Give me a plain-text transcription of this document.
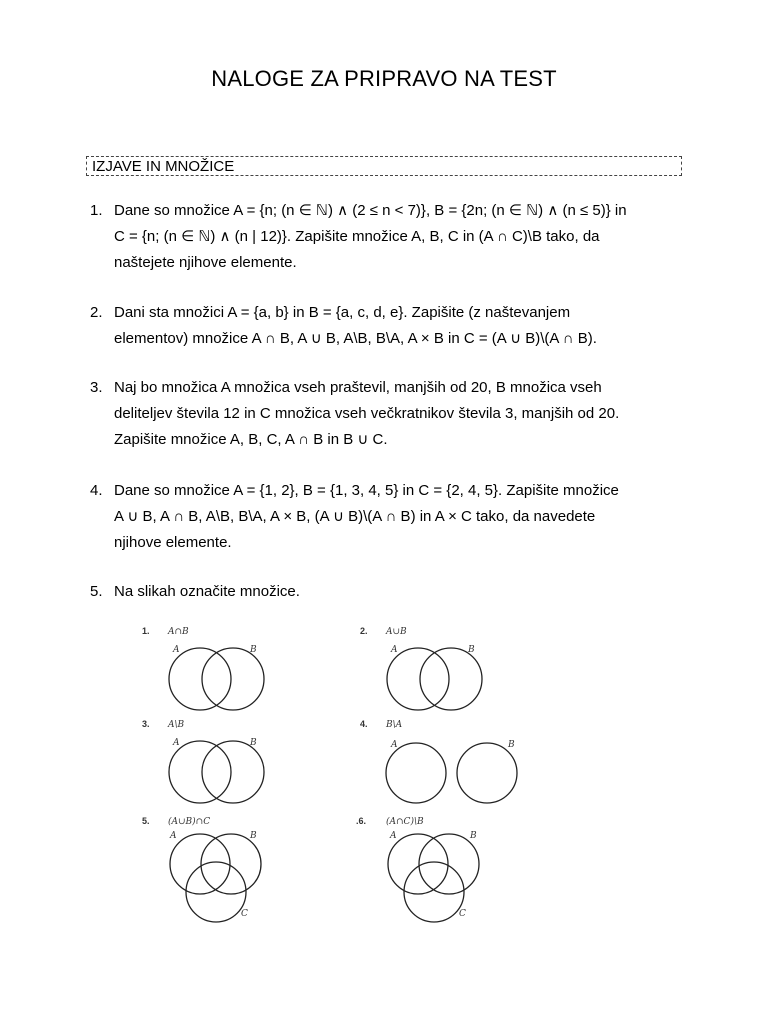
NALOGE ZA PRIPRAVO NA TEST
IZJAVE IN MNOŽICE
1. Dane so množice A = {n; (n ∈ ℕ) ∧ (2 ≤ n < 7)}, B = {2n; (n ∈ ℕ) ∧ (n ≤ 5)} in
C = {n; (n ∈ ℕ) ∧ (n | 12)}. Zapišite množice A, B, C in (A ∩ C)\B tako, da
naštejete njihove elemente.
2. Dani sta množici A = {a, b} in B = {a, c, d, e}. Zapišite (z naštevanjem
elementov) množice A ∩ B, A ∪ B, A\B, B\A, A × B in C = (A ∪ B)\(A ∩ B).
3. Naj bo množica A množica vseh praštevil, manjših od 20, B množica vseh
deliteljev števila 12 in C množica vseh večkratnikov števila 3, manjših od 20.
Zapišite množice A, B, C, A ∩ B in B ∪ C.
4. Dane so množice A = {1, 2}, B = {1, 3, 4, 5} in C = {2, 4, 5}. Zapišite množice
A ∪ B, A ∩ B, A\B, B\A, A × B, (A ∪ B)\(A ∩ B) in A × C tako, da navedete
njihove elemente.
5. Na slikah označite množice.
1. A∩B
A	B
2. A∪B
A	B
3. A\B
A	B
4. B\A
A	B
5. (A∪B)∩C
A	B
C
.6. (A∩C)\B
A	B
C
